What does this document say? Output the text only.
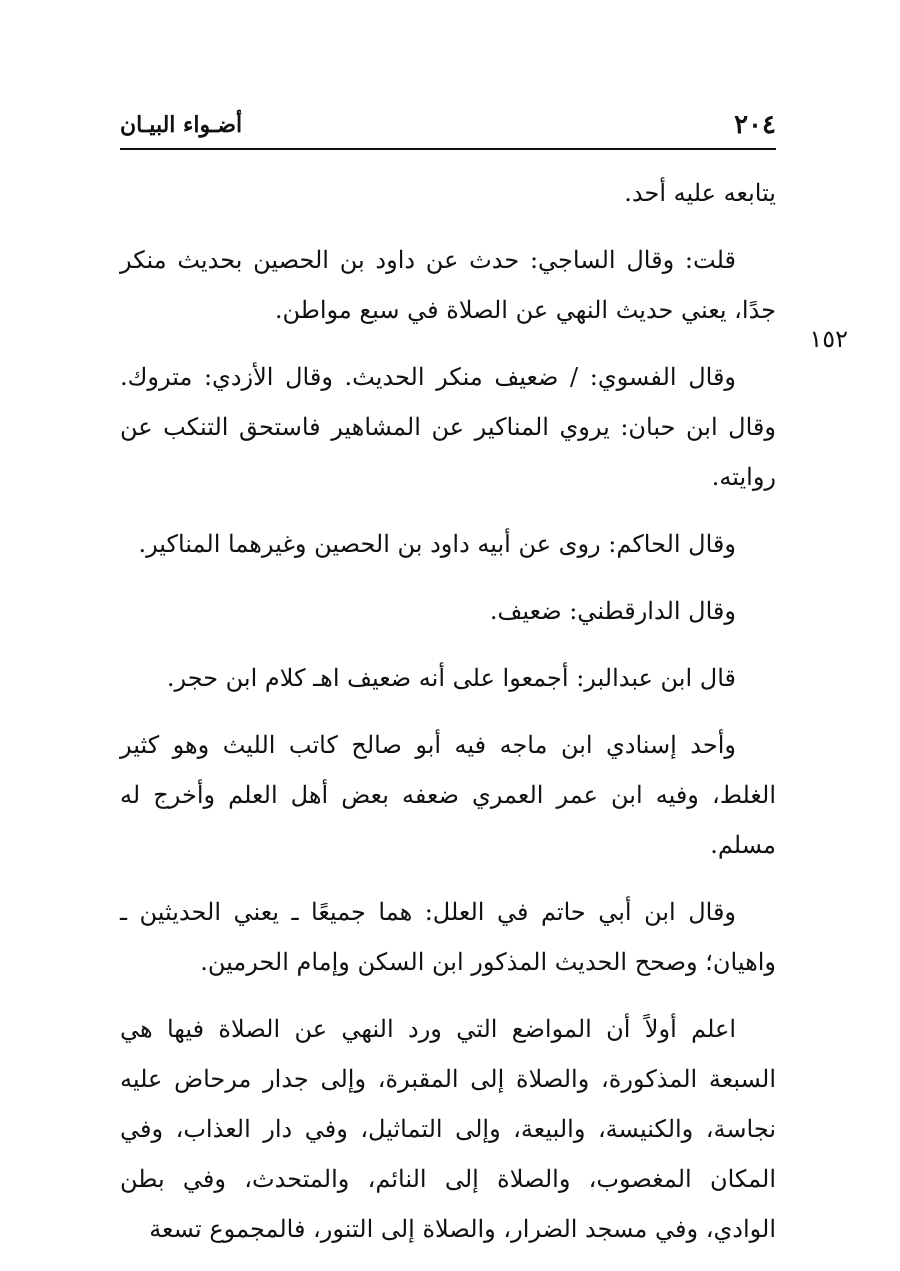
٢٠٤
أضـواء البيـان
١٥٢

يتابعه عليه أحد.

قلت: وقال الساجي: حدث عن داود بن الحصين بحديث منكر جدًا، يعني حديث النهي عن الصلاة في سبع مواطن.

وقال الفسوي: / ضعيف منكر الحديث. وقال الأزدي: متروك. وقال ابن حبان: يروي المناكير عن المشاهير فاستحق التنكب عن روايته.

وقال الحاكم: روى عن أبيه داود بن الحصين وغيرهما المناكير.

وقال الدارقطني: ضعيف.

قال ابن عبدالبر: أجمعوا على أنه ضعيف اهـ كلام ابن حجر.

وأحد إسنادي ابن ماجه فيه أبو صالح كاتب الليث وهو كثير الغلط، وفيه ابن عمر العمري ضعفه بعض أهل العلم وأخرج له مسلم.

وقال ابن أبي حاتم في العلل: هما جميعًا ـ يعني الحديثين ـ واهيان؛ وصحح الحديث المذكور ابن السكن وإمام الحرمين.

اعلم أولاً أن المواضع التي ورد النهي عن الصلاة فيها هي السبعة المذكورة، والصلاة إلى المقبرة، وإلى جدار مرحاض عليه نجاسة، والكنيسة، والبيعة، وإلى التماثيل، وفي دار العذاب، وفي المكان المغصوب، والصلاة إلى النائم، والمتحدث، وفي بطن الوادي، وفي مسجد الضرار، والصلاة إلى التنور، فالمجموع تسعة
